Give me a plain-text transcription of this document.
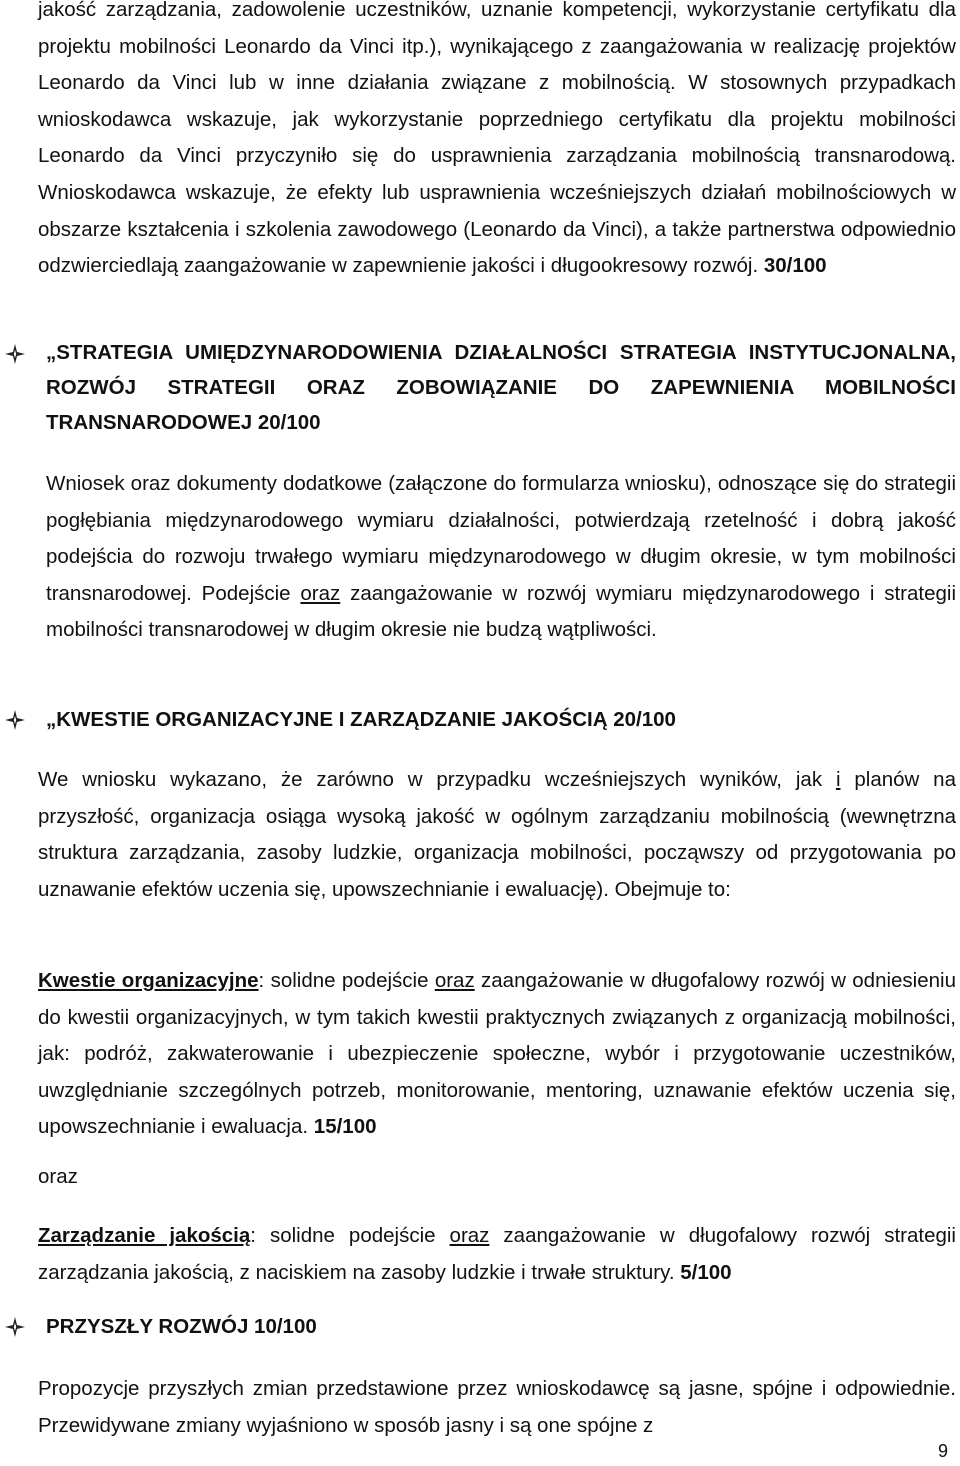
jakość zarządzania, zadowolenie uczestników, uznanie kompetencji, wykorzystanie certyfikatu dla projektu mobilności Leonardo da Vinci itp.), wynikającego z zaangażowania w realizację projektów Leonardo da Vinci lub w inne działania związane z mobilnością. W stosownych przypadkach wnioskodawca wskazuje, jak wykorzystanie poprzedniego certyfikatu dla projektu mobilności Leonardo da Vinci przyczyniło się do usprawnienia zarządzania mobilnością transnarodową. Wnioskodawca wskazuje, że efekty lub usprawnienia wcześniejszych działań mobilnościowych w obszarze kształcenia i szkolenia zawodowego (Leonardo da Vinci), a także partnerstwa odpowiednio odzwierciedlają zaangażowanie w zapewnienie jakości i długookresowy rozwój. 30/100

„STRATEGIA UMIĘDZYNARODOWIENIA DZIAŁALNOŚCI STRATEGIA INSTYTUCJONALNA, ROZWÓJ STRATEGII ORAZ ZOBOWIĄZANIE DO ZAPEWNIENIA MOBILNOŚCI TRANSNARODOWEJ 20/100

Wniosek oraz dokumenty dodatkowe (załączone do formularza wniosku), odnoszące się do strategii pogłębiania międzynarodowego wymiaru działalności, potwierdzają rzetelność i dobrą jakość podejścia do rozwoju trwałego wymiaru międzynarodowego w długim okresie, w tym mobilności transnarodowej. Podejście oraz zaangażowanie w rozwój wymiaru międzynarodowego i strategii mobilności transnarodowej w długim okresie nie budzą wątpliwości.

„KWESTIE ORGANIZACYJNE I ZARZĄDZANIE JAKOŚCIĄ 20/100

We wniosku wykazano, że zarówno w przypadku wcześniejszych wyników, jak i planów na przyszłość, organizacja osiąga wysoką jakość w ogólnym zarządzaniu mobilnością (wewnętrzna struktura zarządzania, zasoby ludzkie, organizacja mobilności, począwszy od przygotowania po uznawanie efektów uczenia się, upowszechnianie i ewaluację). Obejmuje to:

Kwestie organizacyjne: solidne podejście oraz zaangażowanie w długofalowy rozwój w odniesieniu do kwestii organizacyjnych, w tym takich kwestii praktycznych związanych z organizacją mobilności, jak: podróż, zakwaterowanie i ubezpieczenie społeczne, wybór i przygotowanie uczestników, uwzględnianie szczególnych potrzeb, monitorowanie, mentoring, uznawanie efektów uczenia się, upowszechnianie i ewaluacja. 15/100

oraz

Zarządzanie jakością: solidne podejście oraz zaangażowanie w długofalowy rozwój strategii zarządzania jakością, z naciskiem na zasoby ludzkie i trwałe struktury. 5/100

PRZYSZŁY ROZWÓJ 10/100

Propozycje przyszłych zmian przedstawione przez wnioskodawcę są jasne, spójne i odpowiednie. Przewidywane zmiany wyjaśniono w sposób jasny i są one spójne z

9
